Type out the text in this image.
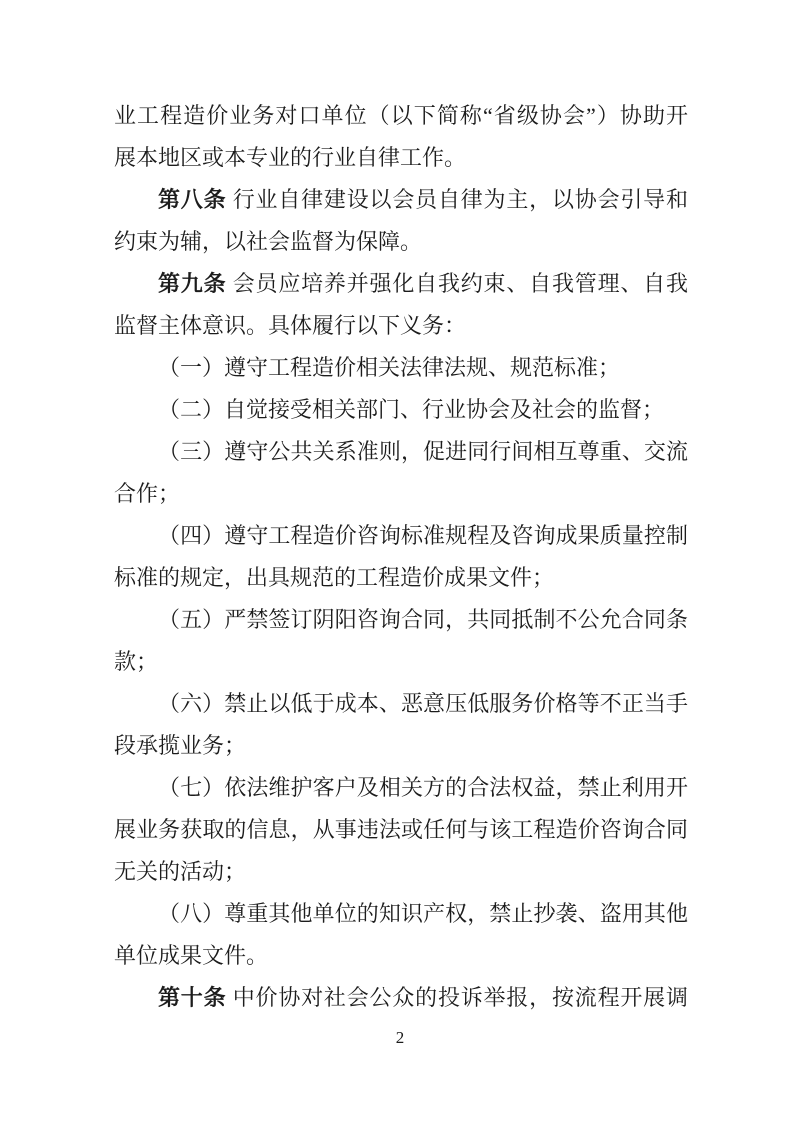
业工程造价业务对口单位（以下简称“省级协会”）协助开
展本地区或本专业的行业自律工作。
第八条 行业自律建设以会员自律为主，以协会引导和
约束为辅，以社会监督为保障。
第九条 会员应培养并强化自我约束、自我管理、自我
监督主体意识。具体履行以下义务：
（一）遵守工程造价相关法律法规、规范标准；
（二）自觉接受相关部门、行业协会及社会的监督；
（三）遵守公共关系准则，促进同行间相互尊重、交流
合作；
（四）遵守工程造价咨询标准规程及咨询成果质量控制
标准的规定，出具规范的工程造价成果文件；
（五）严禁签订阴阳咨询合同，共同抵制不公允合同条
款；
（六）禁止以低于成本、恶意压低服务价格等不正当手
段承揽业务；
（七）依法维护客户及相关方的合法权益，禁止利用开
展业务获取的信息，从事违法或任何与该工程造价咨询合同
无关的活动；
（八）尊重其他单位的知识产权，禁止抄袭、盗用其他
单位成果文件。
第十条 中价协对社会公众的投诉举报，按流程开展调
2
